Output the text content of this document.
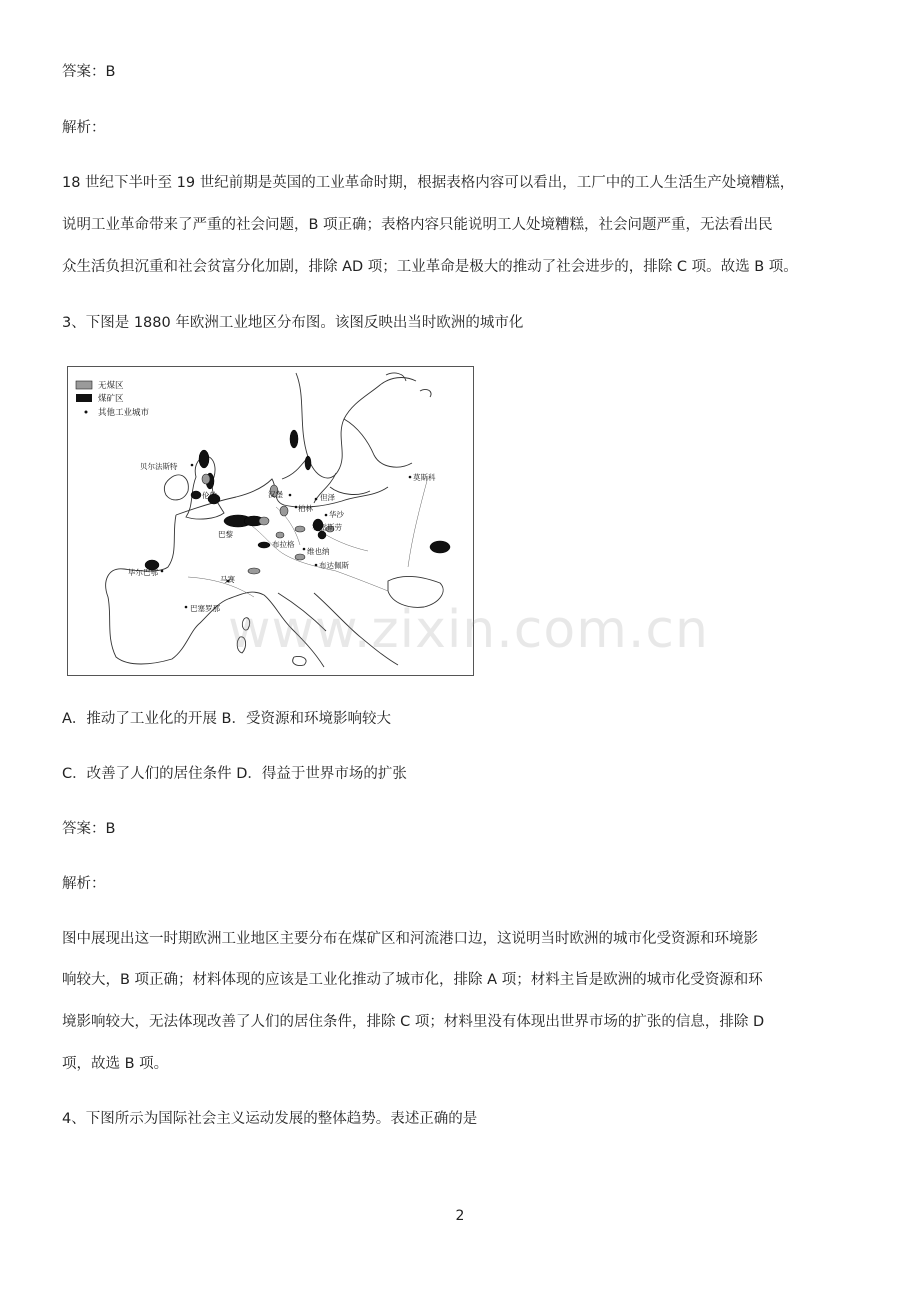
答案：B
解析：
18 世纪下半叶至 19 世纪前期是英国的工业革命时期，根据表格内容可以看出，工厂中的工人生活生产处境糟糕，
说明工业革命带来了严重的社会问题，B 项正确；表格内容只能说明工人处境糟糕，社会问题严重，无法看出民
众生活负担沉重和社会贫富分化加剧，排除 AD 项；工业革命是极大的推动了社会进步的，排除 C 项。故选 B 项。
3、下图是 1880 年欧洲工业地区分布图。该图反映出当时欧洲的城市化
无煤区
煤矿区
其他工业城市
贝尔法斯特
伦敦	汉堡	但泽
柏林
华沙
布雷斯劳
巴黎
布拉格
维也纳
布达佩斯
莫斯科
毕尔巴鄂
马赛
巴塞罗那
A．推动了工业化的开展 B．受资源和环境影响较大
C．改善了人们的居住条件 D．得益于世界市场的扩张
答案：B
解析：
图中展现出这一时期欧洲工业地区主要分布在煤矿区和河流港口边，这说明当时欧洲的城市化受资源和环境影
响较大，B 项正确；材料体现的应该是工业化推动了城市化，排除 A 项；材料主旨是欧洲的城市化受资源和环
境影响较大，无法体现改善了人们的居住条件，排除 C 项；材料里没有体现出世界市场的扩张的信息，排除 D
项，故选 B 项。
4、下图所示为国际社会主义运动发展的整体趋势。表述正确的是
www.zixin.com.cn
2
